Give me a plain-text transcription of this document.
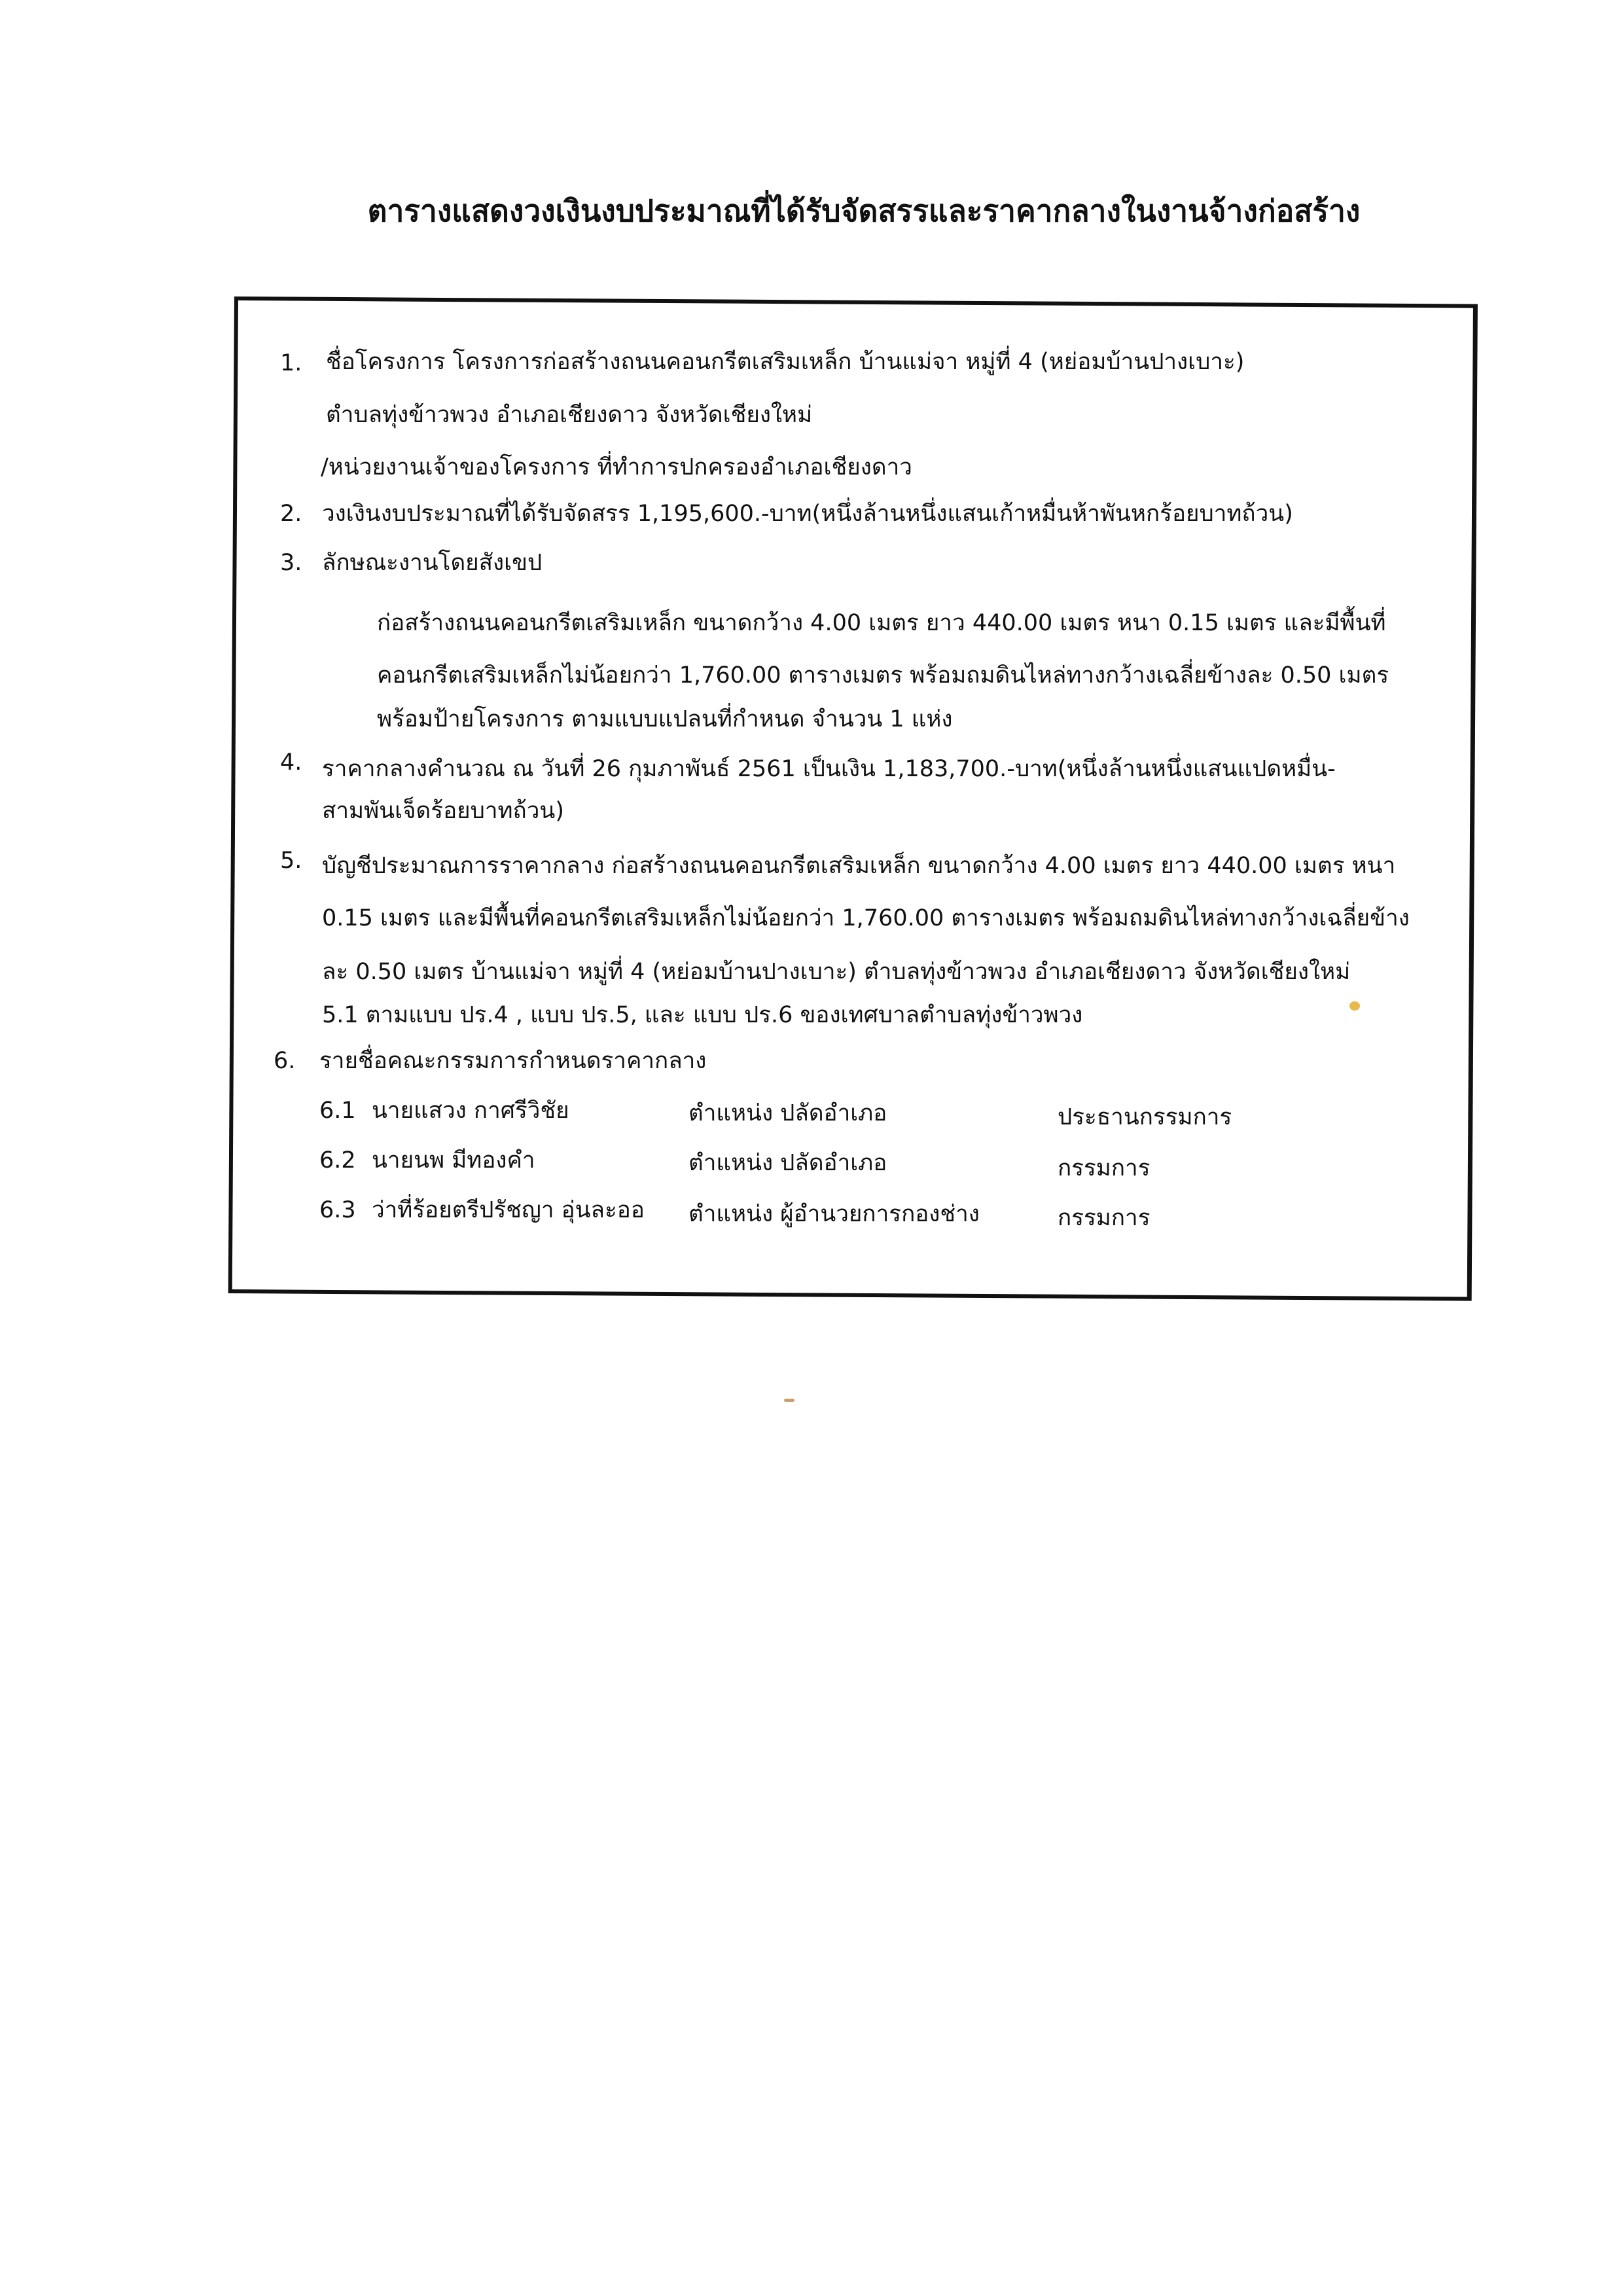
ตารางแสดงวงเงินงบประมาณที่ได้รับจัดสรรและราคากลางในงานจ้างก่อสร้าง
1. ชื่อโครงการ โครงการก่อสร้างถนนคอนกรีตเสริมเหล็ก บ้านแม่จา หมู่ที่ 4 (หย่อมบ้านปางเบาะ)
ตำบลทุ่งข้าวพวง อำเภอเชียงดาว จังหวัดเชียงใหม่
/หน่วยงานเจ้าของโครงการ ที่ทำการปกครองอำเภอเชียงดาว
2. วงเงินงบประมาณที่ได้รับจัดสรร 1,195,600.-บาท(หนึ่งล้านหนึ่งแสนเก้าหมื่นห้าพันหกร้อยบาทถ้วน)
3. ลักษณะงานโดยสังเขป
ก่อสร้างถนนคอนกรีตเสริมเหล็ก ขนาดกว้าง 4.00 เมตร ยาว 440.00 เมตร หนา 0.15 เมตร และมีพื้นที่
คอนกรีตเสริมเหล็กไม่น้อยกว่า 1,760.00 ตารางเมตร พร้อมถมดินไหล่ทางกว้างเฉลี่ยข้างละ 0.50 เมตร
พร้อมป้ายโครงการ ตามแบบแปลนที่กำหนด จำนวน 1 แห่ง
4. ราคากลางคำนวณ ณ วันที่ 26 กุมภาพันธ์ 2561 เป็นเงิน 1,183,700.-บาท(หนึ่งล้านหนึ่งแสนแปดหมื่น-
สามพันเจ็ดร้อยบาทถ้วน)
5. บัญชีประมาณการราคากลาง ก่อสร้างถนนคอนกรีตเสริมเหล็ก ขนาดกว้าง 4.00 เมตร ยาว 440.00 เมตร หนา
0.15 เมตร และมีพื้นที่คอนกรีตเสริมเหล็กไม่น้อยกว่า 1,760.00 ตารางเมตร พร้อมถมดินไหล่ทางกว้างเฉลี่ยข้าง
ละ 0.50 เมตร บ้านแม่จา หมู่ที่ 4 (หย่อมบ้านปางเบาะ) ตำบลทุ่งข้าวพวง อำเภอเชียงดาว จังหวัดเชียงใหม่
5.1 ตามแบบ ปร.4 , แบบ ปร.5, และ แบบ ปร.6 ของเทศบาลตำบลทุ่งข้าวพวง
6. รายชื่อคณะกรรมการกำหนดราคากลาง
6.1 นายแสวง กาศรีวิชัย	ตำแหน่ง ปลัดอำเภอ	ประธานกรรมการ
6.2 นายนพ มีทองคำ	ตำแหน่ง ปลัดอำเภอ	กรรมการ
6.3 ว่าที่ร้อยตรีปรัชญา อุ่นละออ ตำแหน่ง ผู้อำนวยการกองช่าง	กรรมการ
